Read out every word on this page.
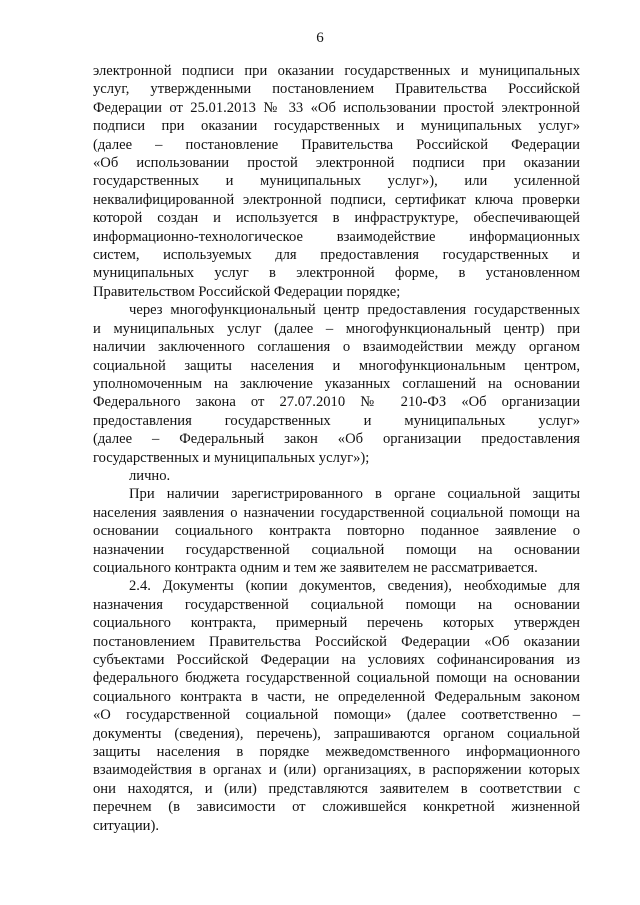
6
электронной подписи при оказании государственных и муниципальных
услуг, утвержденными постановлением Правительства Российской
Федерации от 25.01.2013 № 33 «Об использовании простой электронной
подписи при оказании государственных и муниципальных услуг»
(далее – постановление Правительства Российской Федерации
«Об использовании простой электронной подписи при оказании
государственных и муниципальных услуг»), или усиленной
неквалифицированной электронной подписи, сертификат ключа проверки
которой создан и используется в инфраструктуре, обеспечивающей
информационно-технологическое взаимодействие информационных
систем, используемых для предоставления государственных и
муниципальных услуг в электронной форме, в установленном
Правительством Российской Федерации порядке;
через многофункциональный центр предоставления государственных
и муниципальных услуг (далее – многофункциональный центр) при
наличии заключенного соглашения о взаимодействии между органом
социальной защиты населения и многофункциональным центром,
уполномоченным на заключение указанных соглашений на основании
Федерального закона от 27.07.2010 № 210-ФЗ «Об организации
предоставления государственных и муниципальных услуг»
(далее – Федеральный закон «Об организации предоставления
государственных и муниципальных услуг»);
лично.
При наличии зарегистрированного в органе социальной защиты
населения заявления о назначении государственной социальной помощи на
основании социального контракта повторно поданное заявление о
назначении государственной социальной помощи на основании
социального контракта одним и тем же заявителем не рассматривается.
2.4. Документы (копии документов, сведения), необходимые для
назначения государственной социальной помощи на основании
социального контракта, примерный перечень которых утвержден
постановлением Правительства Российской Федерации «Об оказании
субъектами Российской Федерации на условиях софинансирования из
федерального бюджета государственной социальной помощи на основании
социального контракта в части, не определенной Федеральным законом
«О государственной социальной помощи» (далее соответственно –
документы (сведения), перечень), запрашиваются органом социальной
защиты населения в порядке межведомственного информационного
взаимодействия в органах и (или) организациях, в распоряжении которых
они находятся, и (или) представляются заявителем в соответствии с
перечнем (в зависимости от сложившейся конкретной жизненной
ситуации).
